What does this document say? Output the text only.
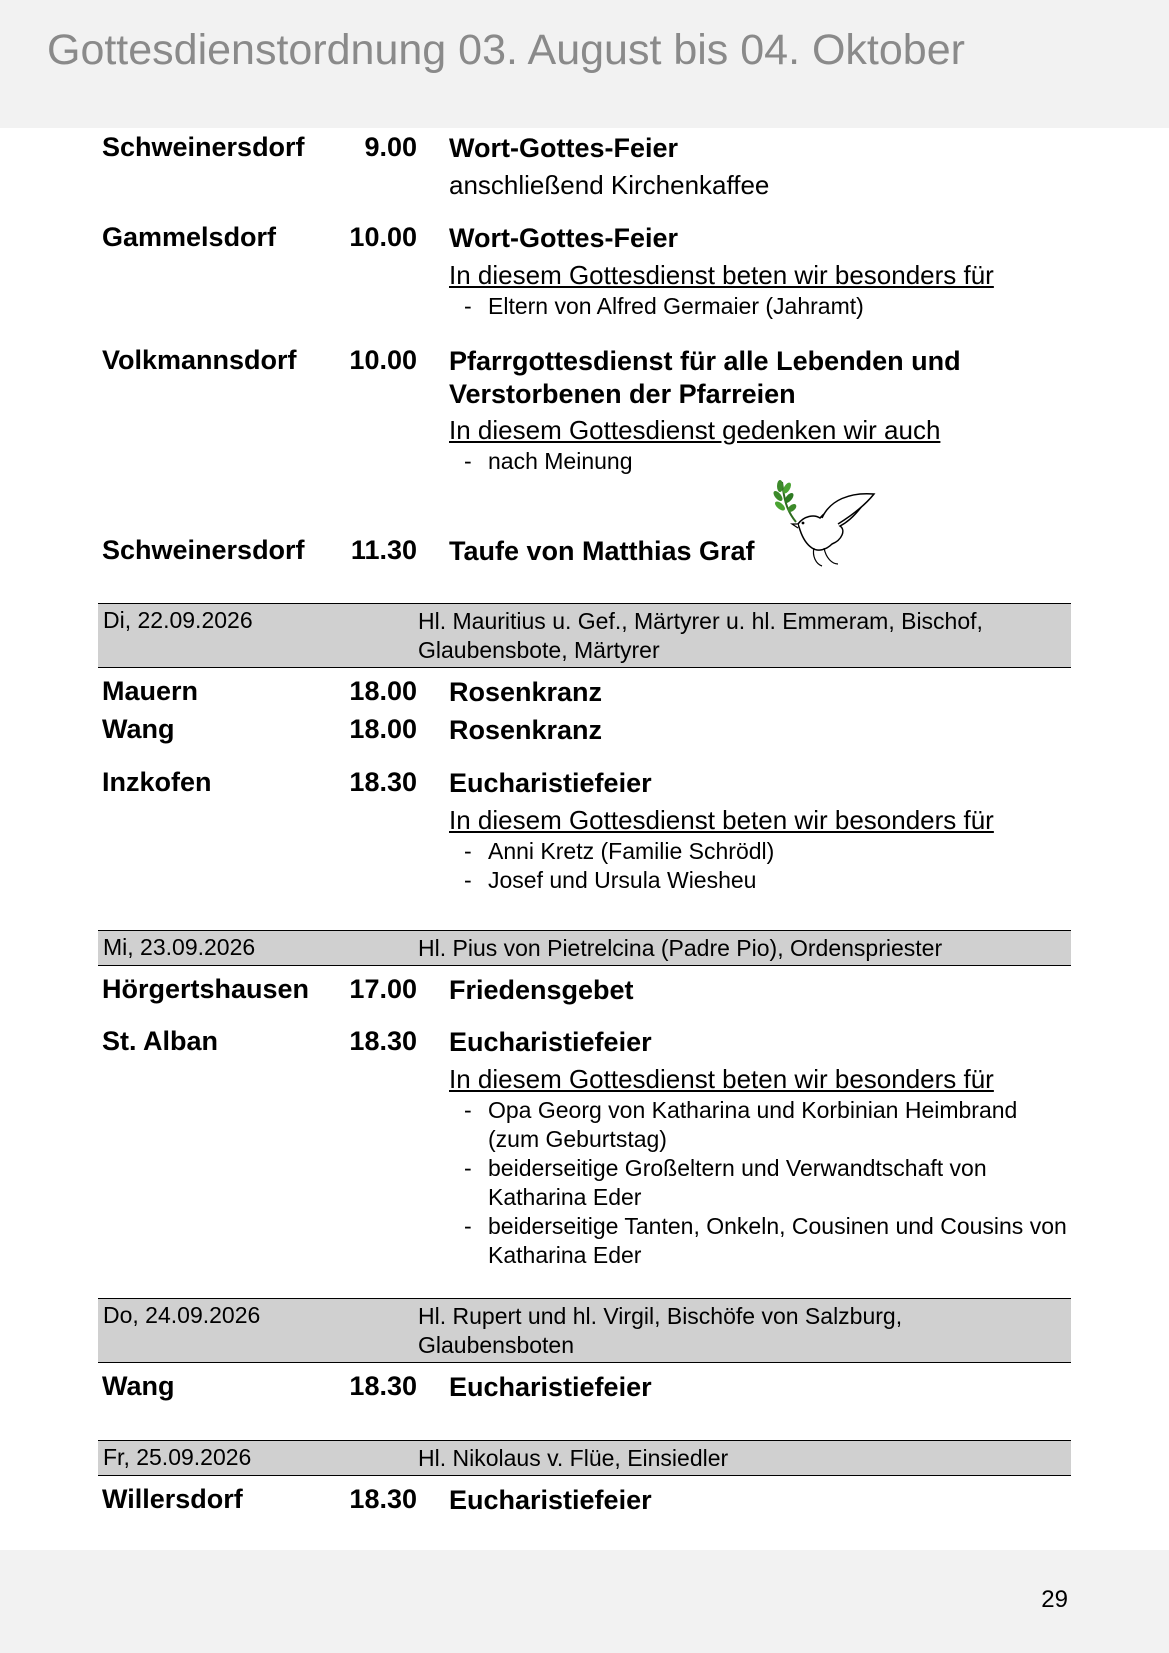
Gottesdienstordnung 03. August bis 04. Oktober
Schweinersdorf 9.00 Wort-Gottes-Feier
anschließend Kirchenkaffee
Gammelsdorf	10.00 Wort-Gottes-Feier
In diesem Gottesdienst beten wir besonders für
- Eltern von Alfred Germaier (Jahramt)
Volkmannsdorf 10.00 Pfarrgottesdienst für alle Lebenden und Verstorbenen der Pfarreien
In diesem Gottesdienst gedenken wir auch
- nach Meinung
Schweinersdorf 11.30 Taufe von Matthias Graf
Di, 22.09.2026	Hl. Mauritius u. Gef., Märtyrer u. hl. Emmeram, Bischof, Glaubensbote, Märtyrer
Mauern	18.00 Rosenkranz
Wang	18.00 Rosenkranz
Inzkofen	18.30 Eucharistiefeier
In diesem Gottesdienst beten wir besonders für
- Anni Kretz (Familie Schrödl)
- Josef und Ursula Wiesheu
Mi, 23.09.2026	Hl. Pius von Pietrelcina (Padre Pio), Ordenspriester
Hörgertshausen 17.00 Friedensgebet
St. Alban	18.30 Eucharistiefeier
In diesem Gottesdienst beten wir besonders für
- Opa Georg von Katharina und Korbinian Heimbrand (zum Geburtstag)
- beiderseitige Großeltern und Verwandtschaft von Katharina Eder
- beiderseitige Tanten, Onkeln, Cousinen und Cousins von Katharina Eder
Do, 24.09.2026	Hl. Rupert und hl. Virgil, Bischöfe von Salzburg, Glaubensboten
Wang	18.30 Eucharistiefeier
Fr, 25.09.2026	Hl. Nikolaus v. Flüe, Einsiedler
Willersdorf	18.30 Eucharistiefeier
29
